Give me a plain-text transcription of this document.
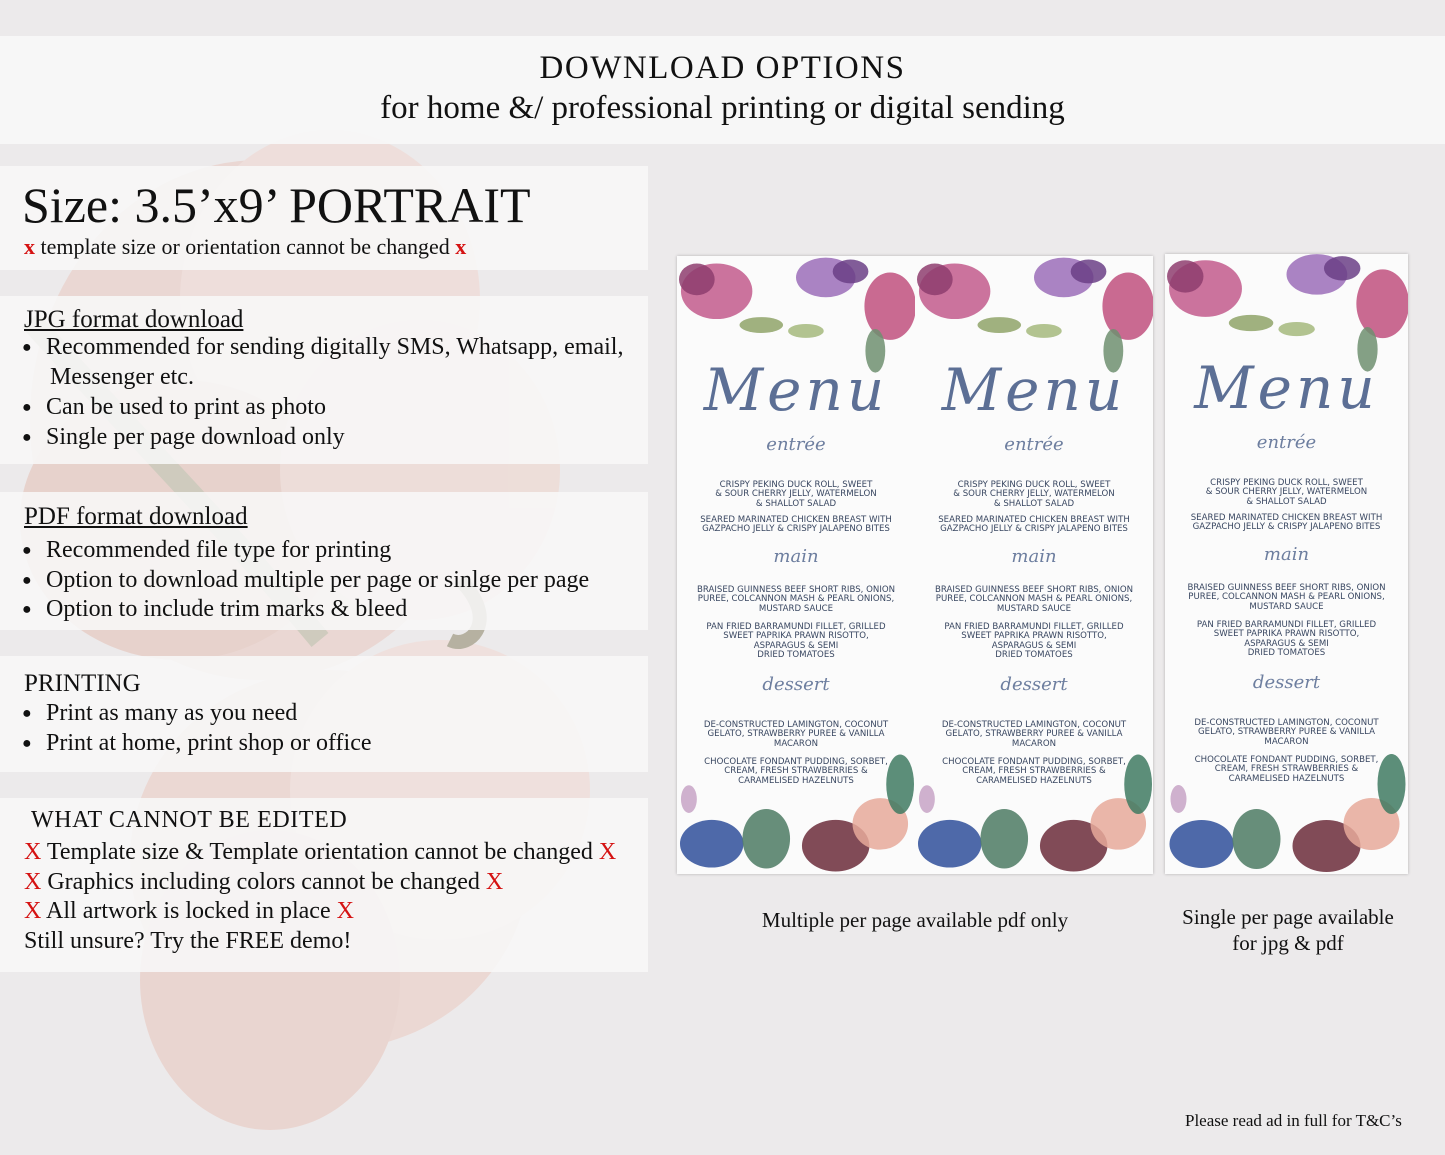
DOWNLOAD OPTIONS
for home &/ professional printing or digital sending
Size: 3.5’x9’ PORTRAIT
x template size or orientation cannot be changed x
JPG format download
● Recommended for sending digitally SMS, Whatsapp, email,
Messenger etc.
● Can be used to print as photo
● Single per page download only
PDF format download
● Recommended file type for printing
● Option to download multiple per page or sinlge per page
● Option to include trim marks & bleed
PRINTING
● Print as many as you need
● Print at home, print shop or office
WHAT CANNOT BE EDITED
X Template size & Template orientation cannot be changed X
X Graphics including colors cannot be changed X
X All artwork is locked in place X
Still unsure? Try the FREE demo!
Menu
entrée
CRISPY PEKING DUCK ROLL, SWEET
& SOUR CHERRY JELLY, WATERMELON
& SHALLOT SALAD
SEARED MARINATED CHICKEN BREAST WITH
GAZPACHO JELLY & CRISPY JALAPENO BITES
main
BRAISED GUINNESS BEEF SHORT RIBS, ONION
PUREE, COLCANNON MASH & PEARL ONIONS,
MUSTARD SAUCE
PAN FRIED BARRAMUNDI FILLET, GRILLED
SWEET PAPRIKA PRAWN RISOTTO,
ASPARAGUS & SEMI
DRIED TOMATOES
dessert
DE-CONSTRUCTED LAMINGTON, COCONUT
GELATO, STRAWBERRY PUREE & VANILLA
MACARON
CHOCOLATE FONDANT PUDDING, SORBET,
CREAM, FRESH STRAWBERRIES &
CARAMELISED HAZELNUTS
Menu
entrée
CRISPY PEKING DUCK ROLL, SWEET
& SOUR CHERRY JELLY, WATERMELON
& SHALLOT SALAD
SEARED MARINATED CHICKEN BREAST WITH
GAZPACHO JELLY & CRISPY JALAPENO BITES
main
BRAISED GUINNESS BEEF SHORT RIBS, ONION
PUREE, COLCANNON MASH & PEARL ONIONS,
MUSTARD SAUCE
PAN FRIED BARRAMUNDI FILLET, GRILLED
SWEET PAPRIKA PRAWN RISOTTO,
ASPARAGUS & SEMI
DRIED TOMATOES
dessert
DE-CONSTRUCTED LAMINGTON, COCONUT
GELATO, STRAWBERRY PUREE & VANILLA
MACARON
CHOCOLATE FONDANT PUDDING, SORBET,
CREAM, FRESH STRAWBERRIES &
CARAMELISED HAZELNUTS
Menu
entrée
CRISPY PEKING DUCK ROLL, SWEET
& SOUR CHERRY JELLY, WATERMELON
& SHALLOT SALAD
SEARED MARINATED CHICKEN BREAST WITH
GAZPACHO JELLY & CRISPY JALAPENO BITES
main
BRAISED GUINNESS BEEF SHORT RIBS, ONION
PUREE, COLCANNON MASH & PEARL ONIONS,
MUSTARD SAUCE
PAN FRIED BARRAMUNDI FILLET, GRILLED
SWEET PAPRIKA PRAWN RISOTTO,
ASPARAGUS & SEMI
DRIED TOMATOES
dessert
DE-CONSTRUCTED LAMINGTON, COCONUT
GELATO, STRAWBERRY PUREE & VANILLA
MACARON
CHOCOLATE FONDANT PUDDING, SORBET,
CREAM, FRESH STRAWBERRIES &
CARAMELISED HAZELNUTS
Multiple per page available pdf only	Single per page available
for jpg & pdf
Please read ad in full for T&C’s
